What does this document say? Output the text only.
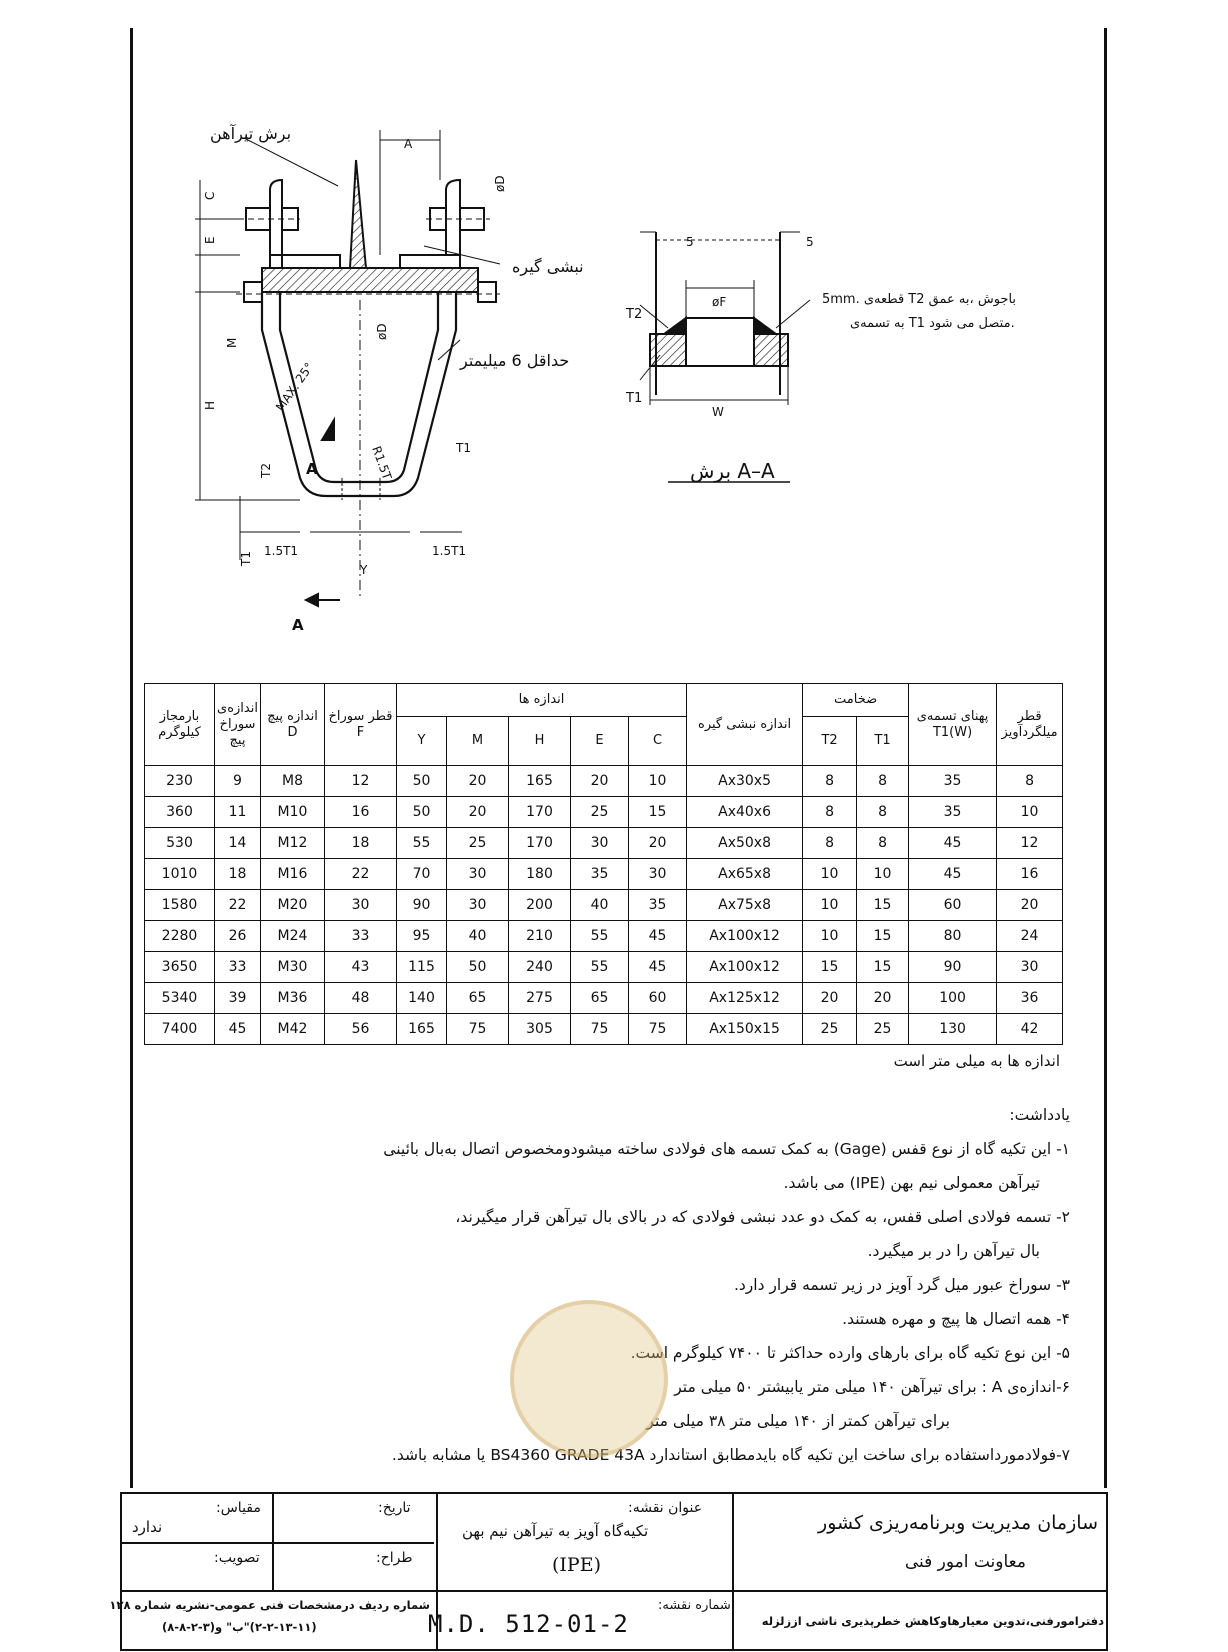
برش تیرآهن
نبشی گیره
حداقل 6 میلیمتر
MAX. 25°
R1.5T	T1
T2 A
A
C
E
M
H
A
øD
øD
1.5T1	1.5T1
Y
T1
øF
W
5	5
T2
T1
برش A–A
5mm. قطعه‌ی T2 باجوش ،به عمق
به تسمه‌ی T1 متصل می شود.
بارمجاز کیلوگرم	اندازه‌ی سوراخ پیچ	اندازه پیچ D	قطر سوراخ F	اندازه ها					اندازه نبشی گیره	ضخامت		پهنای تسمه‌ی T1(W)	قطر میلگردآویز
				Y	M	H	E	C		T2	T1		
230	9	M8	12	50	20	165	20	10	Ax30x5	8	8	35	8
360	11	M10	16	50	20	170	25	15	Ax40x6	8	8	35	10
530	14	M12	18	55	25	170	30	20	Ax50x8	8	8	45	12
1010	18	M16	22	70	30	180	35	30	Ax65x8	10	10	45	16
1580	22	M20	30	90	30	200	40	35	Ax75x8	10	15	60	20
2280	26	M24	33	95	40	210	55	45	Ax100x12	10	15	80	24
3650	33	M30	43	115	50	240	55	45	Ax100x12	15	15	90	30
5340	39	M36	48	140	65	275	65	60	Ax125x12	20	20	100	36
7400	45	M42	56	165	75	305	75	75	Ax150x15	25	25	130	42
اندازه ها به میلی متر است
یادداشت:
۱- این تکیه گاه از نوع قفس (Gage) به کمک تسمه های فولادی ساخته میشودومخصوص اتصال به‌بال بائینی
تیرآهن معمولی نیم بهن (IPE) می باشد.
۲- تسمه فولادی اصلی قفس، به کمک دو عدد نبشی فولادی که در بالای بال تیرآهن قرار میگیرند،
بال تیرآهن را در بر میگیرد.
۳- سوراخ عبور میل گرد آویز در زیر تسمه قرار دارد.
۴- همه اتصال ها پیچ و مهره هستند.
۵- این نوع تکیه گاه برای بارهای وارده حداکثر تا ۷۴۰۰ کیلوگرم است.
۶-اندازه‌ی A : برای تیرآهن ۱۴۰ میلی متر یابیشتر ۵۰ میلی متر
برای تیرآهن کمتر از ۱۴۰ میلی متر ۳۸ میلی متر
۷-فولادمورداستفاده برای ساخت این تکیه گاه بایدمطابق استاندارد BS4360 GRADE 43A یا مشابه باشد.
سازمان مدیریت وبرنامه‌ریزی کشور
معاونت امور فنی
دفترامورفنی،تدوین معیارهاوکاهش خطرپذیری ناشی اززلزله
عنوان نقشه:
تکیه‌گاه آویز به تیرآهن نیم بهن
(IPE)
شماره نقشه:
M.D. 512-01-2
تاریخ:
طراح:
مقیاس:
ندارد
تصویب:
شماره ردیف درمشخصات فنی عمومی-نشریه شماره ۱۲۸
(۲-۲-۱۳-۱۱)"ب" و(۳-۲-۸-۸)
